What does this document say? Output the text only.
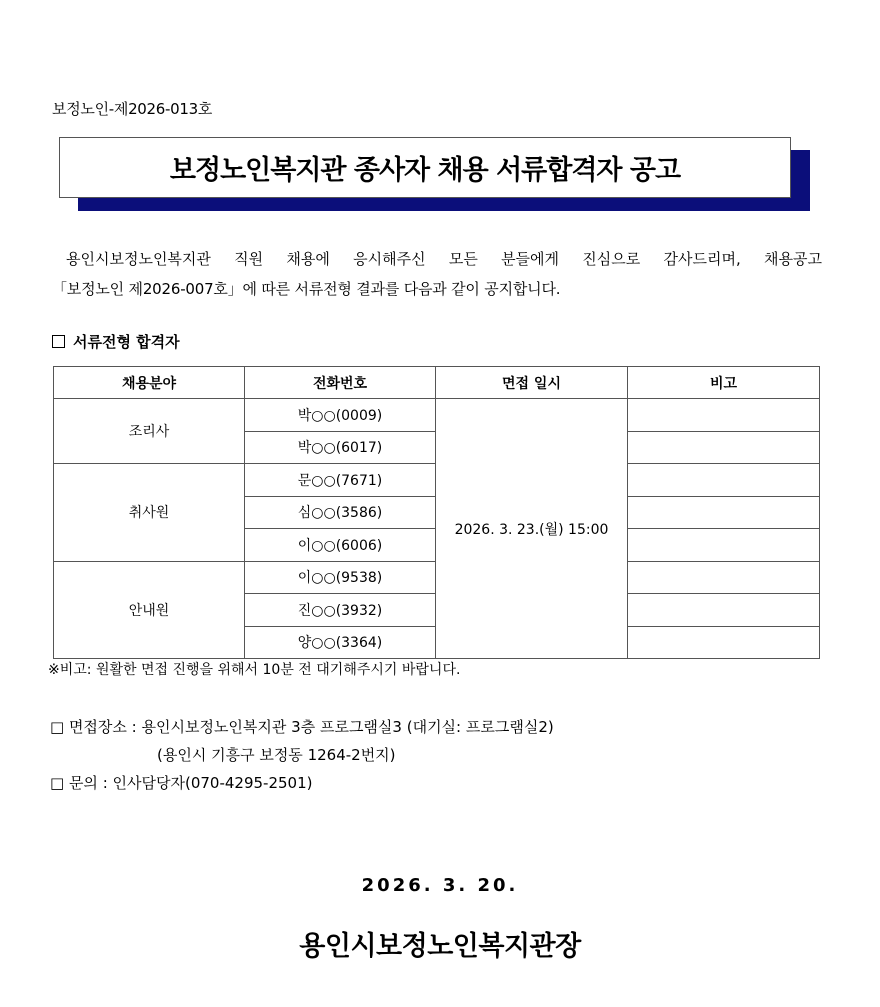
보정노인-제2026-013호
보정노인복지관 종사자 채용 서류합격자 공고
용인시보정노인복지관 직원 채용에 응시해주신 모든 분들에게 진심으로 감사드리며, 채용공고
「보정노인 제2026-007호」에 따른 서류전형 결과를 다음과 같이 공지합니다.
서류전형 합격자
채용분야	전화번호	면접 일시	비고
조리사	박○○(0009)	2026. 3. 23.(월) 15:00	
	박○○(6017)		
취사원	문○○(7671)		
	심○○(3586)		
	이○○(6006)		
안내원	이○○(9538)		
	진○○(3932)		
	양○○(3364)		
※비고: 원활한 면접 진행을 위해서 10분 전 대기해주시기 바랍니다.
□ 면접장소 : 용인시보정노인복지관 3층 프로그램실3 (대기실: 프로그램실2)
(용인시 기흥구 보정동 1264-2번지)
□ 문의 : 인사담당자(070-4295-2501)
2026. 3. 20.
용인시보정노인복지관장
